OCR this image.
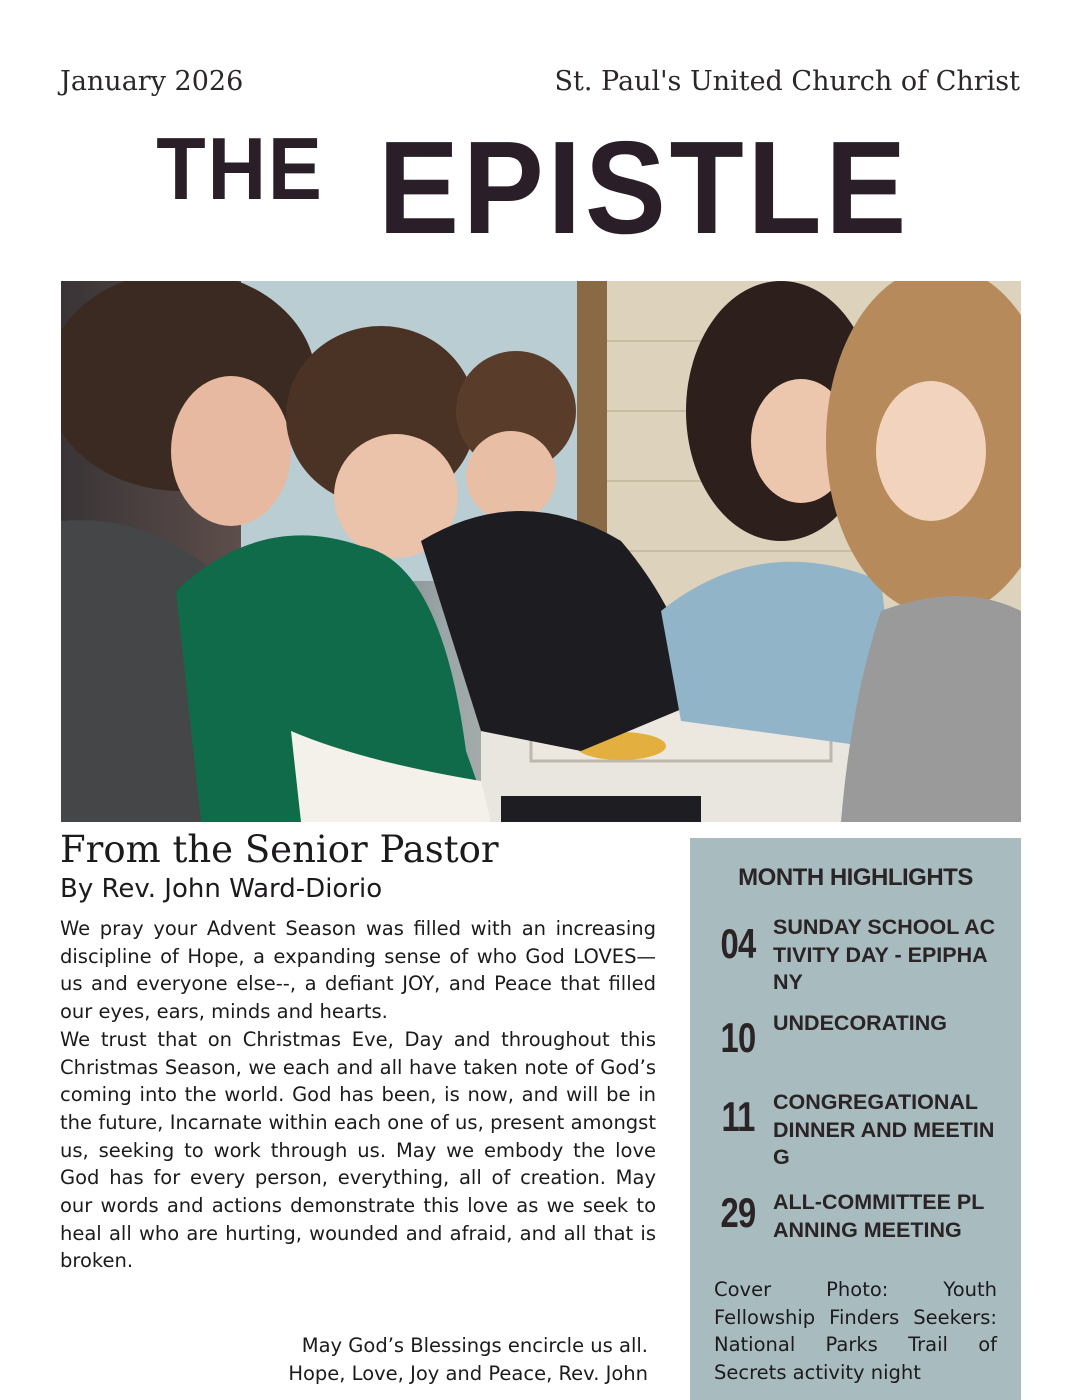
January 2026	St. Paul's United Church of Christ
THE EPISTLE
From the Senior Pastor
By Rev. John Ward-Diorio

We pray your Advent Season was filled with an increasing discipline of Hope, a expanding sense of who God LOVES—us and everyone else--, a defiant JOY, and Peace that filled our eyes, ears, minds and hearts.

We trust that on Christmas Eve, Day and throughout this Christmas Season, we each and all have taken note of God’s coming into the world. God has been, is now, and will be in the future, Incarnate within each one of us, present amongst us, seeking to work through us. May we embody the love God has for every person, everything, all of creation. May our words and actions demonstrate this love as we seek to heal all who are hurting, wounded and afraid, and all that is broken.

May God’s Blessings encircle us all.
Hope, Love, Joy and Peace, Rev. John
MONTH HIGHLIGHTS
04 SUNDAY SCHOOL ACTIVITY DAY - EPIPHANY
10 UNDECORATING
11 CONGREGATIONAL DINNER AND MEETING
29 ALL-COMMITTEE PLANNING MEETING
Cover Photo: Youth Fellowship Finders Seekers: National Parks Trail of Secrets activity night
